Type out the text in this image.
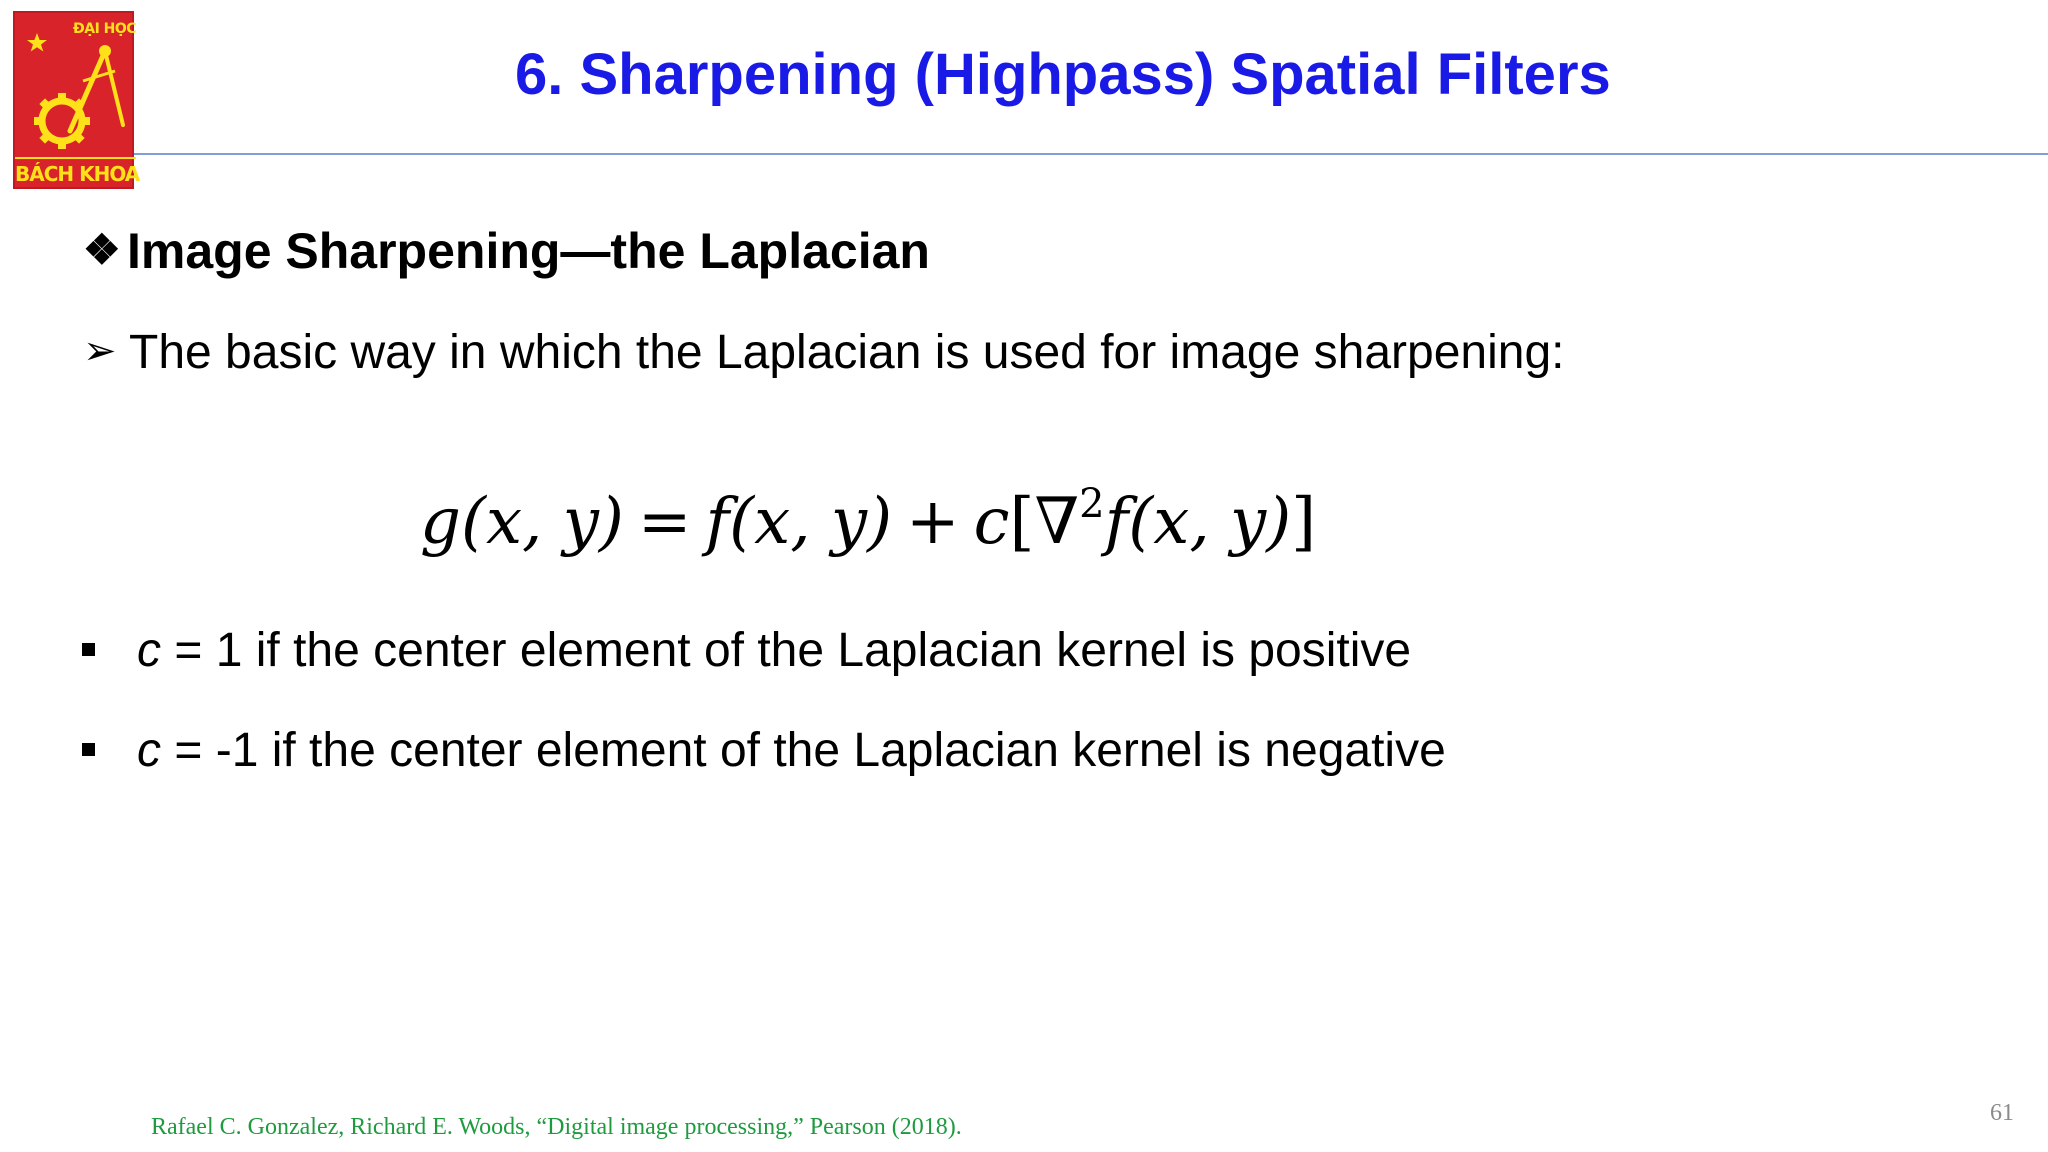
ĐẠI HỌC
BÁCH KHOA
6. Sharpening (Highpass) Spatial Filters
❖ Image Sharpening—the Laplacian
➢ The basic way in which the Laplacian is used for image sharpening:
g(x, y) = f(x, y) + c[∇$^2$f(x, y)]
c = 1 if the center element of the Laplacian kernel is positive
c = -1 if the center element of the Laplacian kernel is negative
Rafael C. Gonzalez, Richard E. Woods, “Digital image processing,” Pearson (2018).
61
